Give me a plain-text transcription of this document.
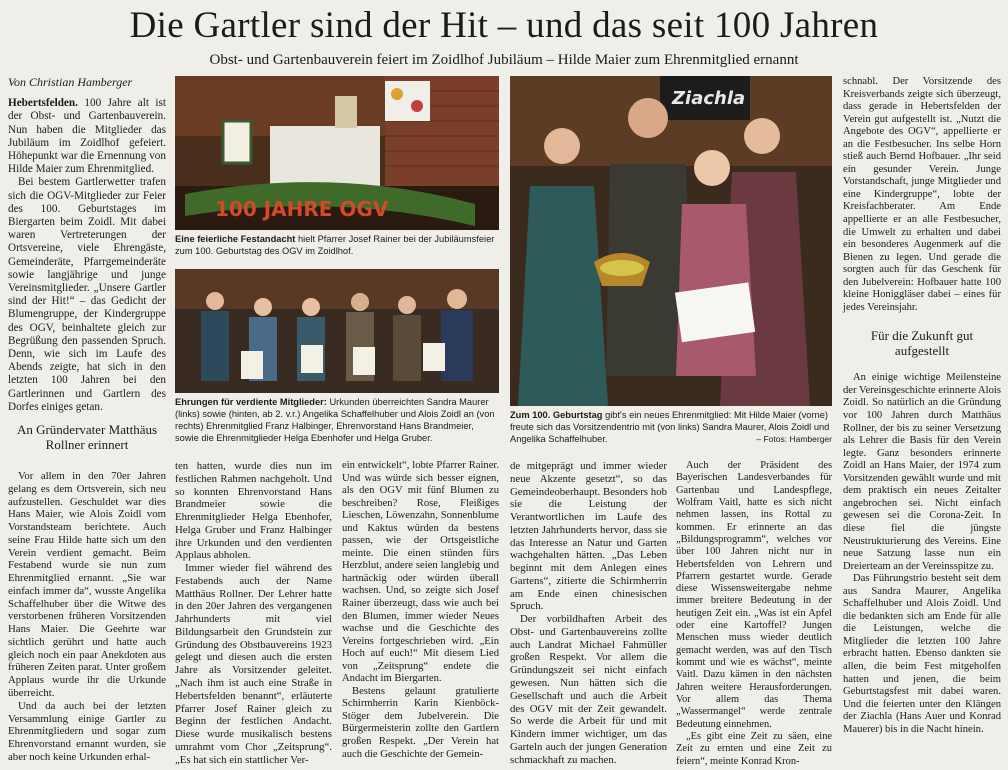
Die Gartler sind der Hit – und das seit 100 Jahren
Obst- und Gartenbauverein feiert im Zoidlhof Jubiläum – Hilde Maier zum Ehrenmitglied ernannt
Von Christian Hamberger

Hebertsfelden. 100 Jahre alt ist der Obst- und Gartenbauverein. Nun haben die Mitglieder das Jubiläum im Zoidlhof gefeiert. Höhepunkt war die Ernennung von Hilde Maier zum Ehrenmitglied.

Bei bestem Gartlerwetter trafen sich die OGV-Mitglieder zur Feier des 100. Geburtstages im Biergarten beim Zoidl. Mit dabei waren Vertreterungen der Ortsvereine, viele Ehrengäste, Gemeinderäte, Pfarrgemeinderäte sowie langjährige und junge Vereinsmitglieder. „Unsere Gartler sind der Hit!“ – das Gedicht der Blumengruppe, der Kindergruppe des OGV, beinhaltete gleich zur Begrüßung den passenden Spruch. Denn, wie sich im Laufe des Abends zeigte, hat sich in den letzten 100 Jahren bei den Gartlerinnen und Gartlern des Dorfes einiges getan.

An Gründervater Matthäus Rollner erinnert

Vor allem in den 70er Jahren gelang es dem Ortsverein, sich neu aufzustellen. Geschuldet war dies Hans Maier, wie Alois Zoidl vom Vorstandsteam berichtete. Auch seine Frau Hilde hatte sich um den Verein verdient gemacht. Beim Festabend wurde sie nun zum Ehrenmitglied ernannt. „Sie war einfach immer da“, wusste Angelika Schaffelhuber über die Witwe des verstorbenen früheren Vorsitzenden Hans Maier. Die Geehrte war sichtlich gerührt und hatte auch gleich noch ein paar Anekdoten aus früheren Zeiten parat. Unter großem Applaus wurde ihr die Urkunde überreicht.

Und da auch bei der letzten Versammlung einige Gartler zu Ehrenmitgliedern und sogar zum Ehrenvorstand ernannt wurden, sie aber noch keine Urkunden erhal-

100 JAHRE OGV
Eine feierliche Festandacht hielt Pfarrer Josef Rainer bei der Jubiläumsfeier zum 100. Geburtstag des OGV im Zoidlhof.
Ehrungen für verdiente Mitglieder: Urkunden überreichten Sandra Maurer (links) sowie (hinten, ab 2. v.r.) Angelika Schaffelhuber und Alois Zoidl an (von rechts) Ehrenmitglied Franz Halbinger, Ehrenvorstand Hans Brandmeier, sowie die Ehrenmitglieder Helga Ebenhofer und Helga Gruber.
Ziachla
Zum 100. Geburtstag gibt's ein neues Ehrenmitglied: Mit Hilde Maier (vorne) freute sich das Vorsitzendentrio mit (von links) Sandra Maurer, Alois Zoidl und Angelika Schaffelhuber.	– Fotos: Hamberger

ten hatten, wurde dies nun im festlichen Rahmen nachgeholt. Und so konnten Ehrenvorstand Hans Brandmeier sowie die Ehrenmitglieder Helga Ebenhofer, Helga Gruber und Franz Halbinger ihre Urkunden und den verdienten Applaus abholen.

Immer wieder fiel während des Festabends auch der Name Matthäus Rollner. Der Lehrer hatte in den 20er Jahren des vergangenen Jahrhunderts mit viel Bildungsarbeit den Grundstein zur Gründung des Obstbauvereins 1923 gelegt und diesen auch die ersten Jahre als Vorsitzender geleitet. „Nach ihm ist auch eine Straße in Hebertsfelden benannt“, erläuterte Pfarrer Josef Rainer gleich zu Beginn der festlichen Andacht. Diese wurde musikalisch bestens umrahmt vom Chor „Zeitsprung“. „Es hat sich ein stattlicher Ver-

ein entwickelt“, lobte Pfarrer Rainer. Und was würde sich besser eignen, als den OGV mit fünf Blumen zu beschreiben? Rose, Fleißiges Lieschen, Löwenzahn, Sonnenblume und Kaktus würden da bestens passen, wie der Ortsgeistliche meinte. Die einen stünden fürs Herzblut, andere seien langlebig und hartnäckig oder würden überall wachsen. Und, so zeigte sich Josef Rainer überzeugt, dass wie auch bei den Blumen, immer wieder Neues wachse und die Geschichte des Vereins fortgeschrieben wird. „Ein Hoch auf euch!“ Mit diesem Lied von „Zeitsprung“ endete die Andacht im Biergarten.

Bestens gelaunt gratulierte Schirmherrin Karin Kienböck-Stöger dem Jubelverein. Die Bürgermeisterin zollte den Gartlern großen Respekt. „Der Verein hat auch die Geschichte der Gemein-

de mitgeprägt und immer wieder neue Akzente gesetzt“, so das Gemeindeoberhaupt. Besonders hob sie die Leistung der Verantwortlichen im Laufe des letzten Jahrhunderts hervor, dass sie das Interesse an Natur und Garten wachgehalten hätten. „Das Leben beginnt mit dem Anlegen eines Gartens“, zitierte die Schirmherrin am Ende einen chinesischen Spruch.

Der vorbildhaften Arbeit des Obst- und Gartenbauvereins zollte auch Landrat Michael Fahmüller großen Respekt. Vor allem die Gründungszeit sei nicht einfach gewesen. Nun hätten sich die Gesellschaft und auch die Arbeit des OGV mit der Zeit gewandelt. So werde die Arbeit für und mit Kindern immer wichtiger, um das Garteln auch der jungen Generation schmackhaft zu machen.

Auch der Präsident des Bayerischen Landesverbandes für Gartenbau und Landespflege, Wolfram Vaitl, hatte es sich nicht nehmen lassen, ins Rottal zu kommen. Er erinnerte an das „Bildungsprogramm“, welches vor über 100 Jahren nicht nur in Hebertsfelden von Lehrern und Pfarrern gestartet wurde. Gerade diese Wissensweitergabe nehme immer breitere Bedeutung in der heutigen Zeit ein. „Was ist ein Apfel oder eine Kartoffel? Jungen Menschen muss wieder deutlich gemacht werden, was auf den Tisch kommt und wie es wächst“, meinte Vaitl. Dazu kämen in den nächsten Jahren weitere Herausforderungen. Vor allem das Thema „Wassermangel“ werde zentrale Bedeutung einnehmen.

„Es gibt eine Zeit zu säen, eine Zeit zu ernten und eine Zeit zu feiern“, meinte Konrad Kron-

schnabl. Der Vorsitzende des Kreisverbands zeigte sich überzeugt, dass gerade in Hebertsfelden der Verein gut aufgestellt ist. „Nutzt die Angebote des OGV“, appellierte er an die Festbesucher. Ins selbe Horn stieß auch Bernd Hofbauer. „Ihr seid ein gesunder Verein. Junge Vorstandschaft, junge Mitglieder und eine Kindergruppe“, lobte der Kreisfachberater. Am Ende appellierte er an alle Festbesucher, die Umwelt zu erhalten und dabei ein besonderes Augenmerk auf die Bienen zu legen. Und gerade die sorgten auch für das Geschenk für den Jubelverein: Hofbauer hatte 100 kleine Honiggläser dabei – eines für jedes Vereinsjahr.

Für die Zukunft gut aufgestellt

An einige wichtige Meilensteine der Vereinsgeschichte erinnerte Alois Zoidl. So natürlich an die Gründung vor 100 Jahren durch Matthäus Rollner, der bis zu seiner Versetzung als Lehrer die Basis für den Verein legte. Ganz besonders erinnerte Zoidl an Hans Maier, der 1974 zum Vorsitzenden gewählt wurde und mit dem praktisch ein neues Zeitalter angebrochen sei. Nicht einfach gewesen sei die Corona-Zeit. In diese fiel die jüngste Neustrukturierung des Vereins. Eine neue Satzung lasse nun ein Dreierteam an der Vereinsspitze zu.

Das Führungstrio besteht seit dem aus Sandra Maurer, Angelika Schaffelhuber und Alois Zoidl. Und die bedankten sich am Ende für alle die Leistungen, welche die Mitglieder die letzten 100 Jahre erbracht hatten. Ebenso dankten sie allen, die beim Fest mitgeholfen hatten und jenen, die beim Geburtstagsfest mit dabei waren. Und die feierten unter den Klängen der Ziachla (Hans Auer und Konrad Mauerer) bis in die Nacht hinein.
